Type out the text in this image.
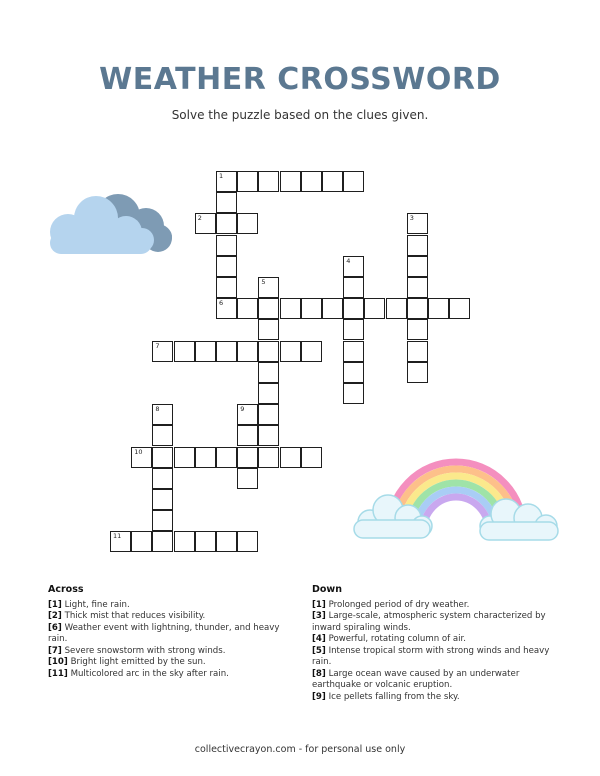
WEATHER CROSSWORD

Solve the puzzle based on the clues given.

1
6
2	3
4
5
7
8	9
10
11
Across

[1] Light, fine rain.

[2] Thick mist that reduces visibility.

[6] Weather event with lightning, thunder, and heavy rain.

[7] Severe snowstorm with strong winds.

[10] Bright light emitted by the sun.

[11] Multicolored arc in the sky after rain.

Down

[1] Prolonged period of dry weather.

[3] Large-scale, atmospheric system characterized by inward spiraling winds.

[4] Powerful, rotating column of air.

[5] Intense tropical storm with strong winds and heavy rain.

[8] Large ocean wave caused by an underwater earthquake or volcanic eruption.

[9] Ice pellets falling from the sky.

collectivecrayon.com - for personal use only
